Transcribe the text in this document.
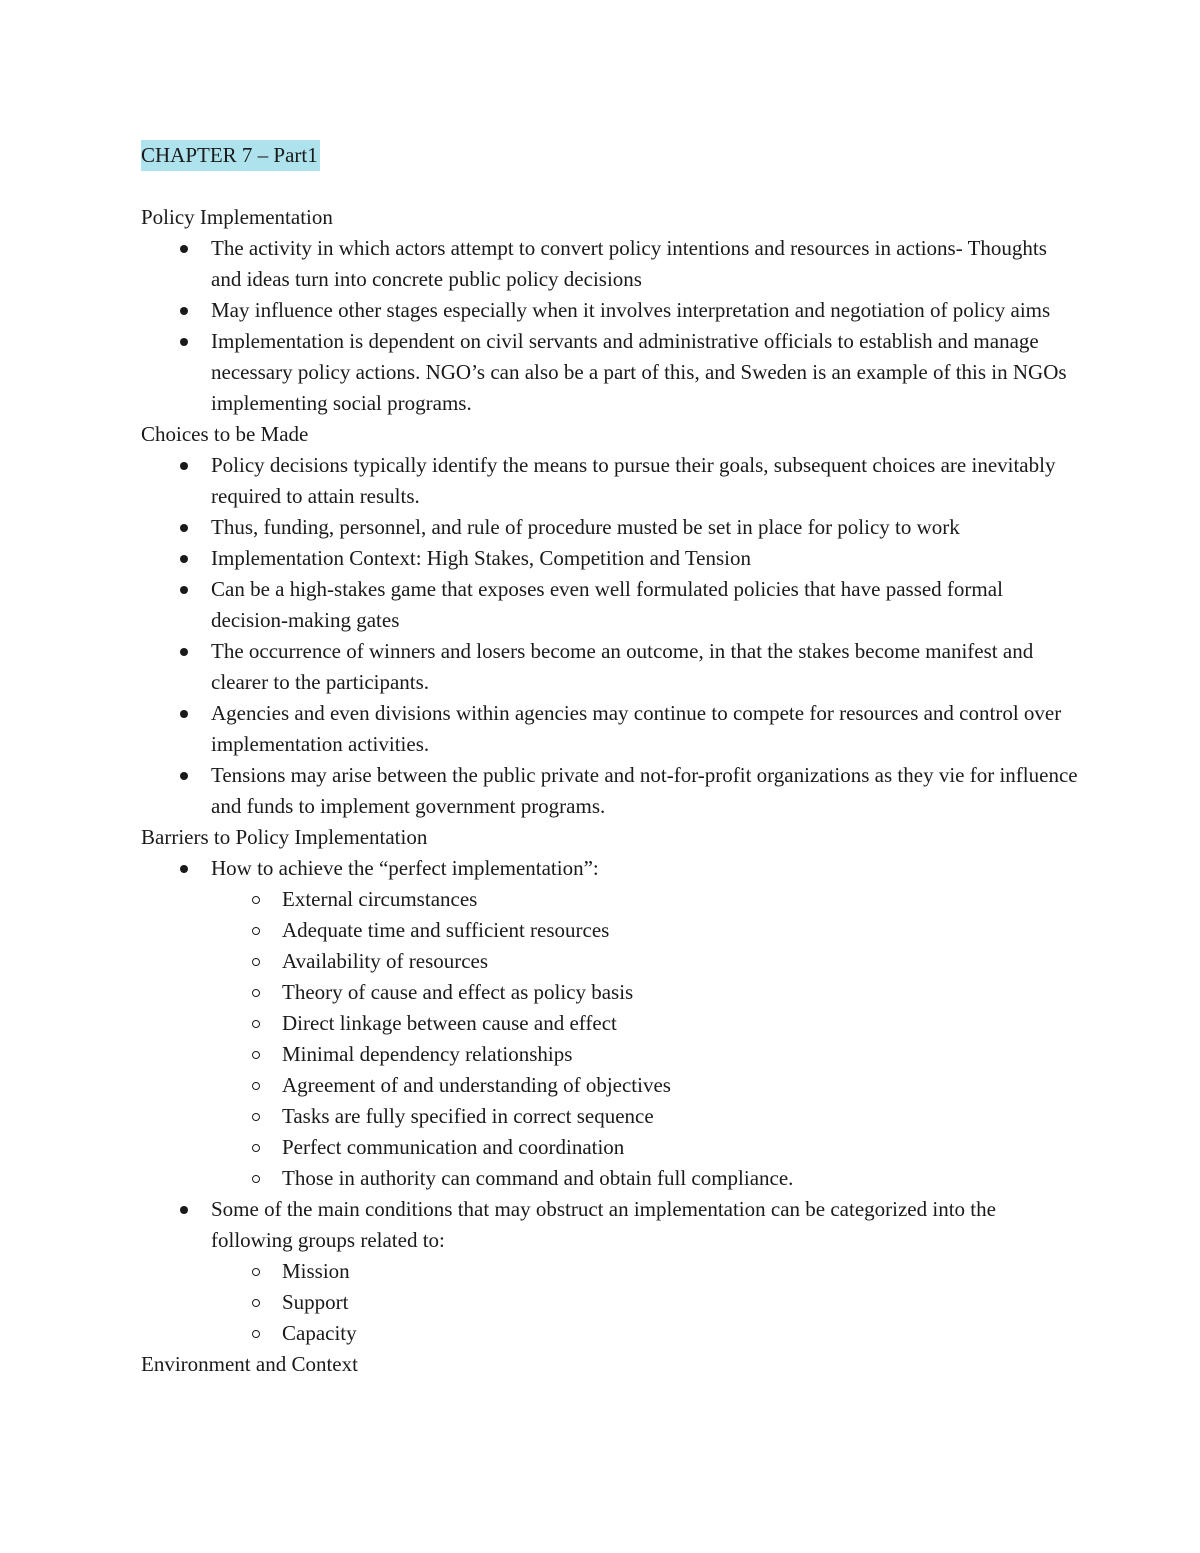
CHAPTER 7 – Part1
Policy Implementation
The activity in which actors attempt to convert policy intentions and resources in actions- Thoughts and ideas turn into concrete public policy decisions
May influence other stages especially when it involves interpretation and negotiation of policy aims
Implementation is dependent on civil servants and administrative officials to establish and manage necessary policy actions. NGO’s can also be a part of this, and Sweden is an example of this in NGOs implementing social programs.
Choices to be Made
Policy decisions typically identify the means to pursue their goals, subsequent choices are inevitably required to attain results.
Thus, funding, personnel, and rule of procedure musted be set in place for policy to work
Implementation Context: High Stakes, Competition and Tension
Can be a high-stakes game that exposes even well formulated policies that have passed formal decision-making gates
The occurrence of winners and losers become an outcome, in that the stakes become manifest and clearer to the participants.
Agencies and even divisions within agencies may continue to compete for resources and control over implementation activities.
Tensions may arise between the public private and not-for-profit organizations as they vie for influence and funds to implement government programs.
Barriers to Policy Implementation
How to achieve the “perfect implementation”:
External circumstances
Adequate time and sufficient resources
Availability of resources
Theory of cause and effect as policy basis
Direct linkage between cause and effect
Minimal dependency relationships
Agreement of and understanding of objectives
Tasks are fully specified in correct sequence
Perfect communication and coordination
Those in authority can command and obtain full compliance.
Some of the main conditions that may obstruct an implementation can be categorized into the following groups related to:
Mission
Support
Capacity
Environment and Context
